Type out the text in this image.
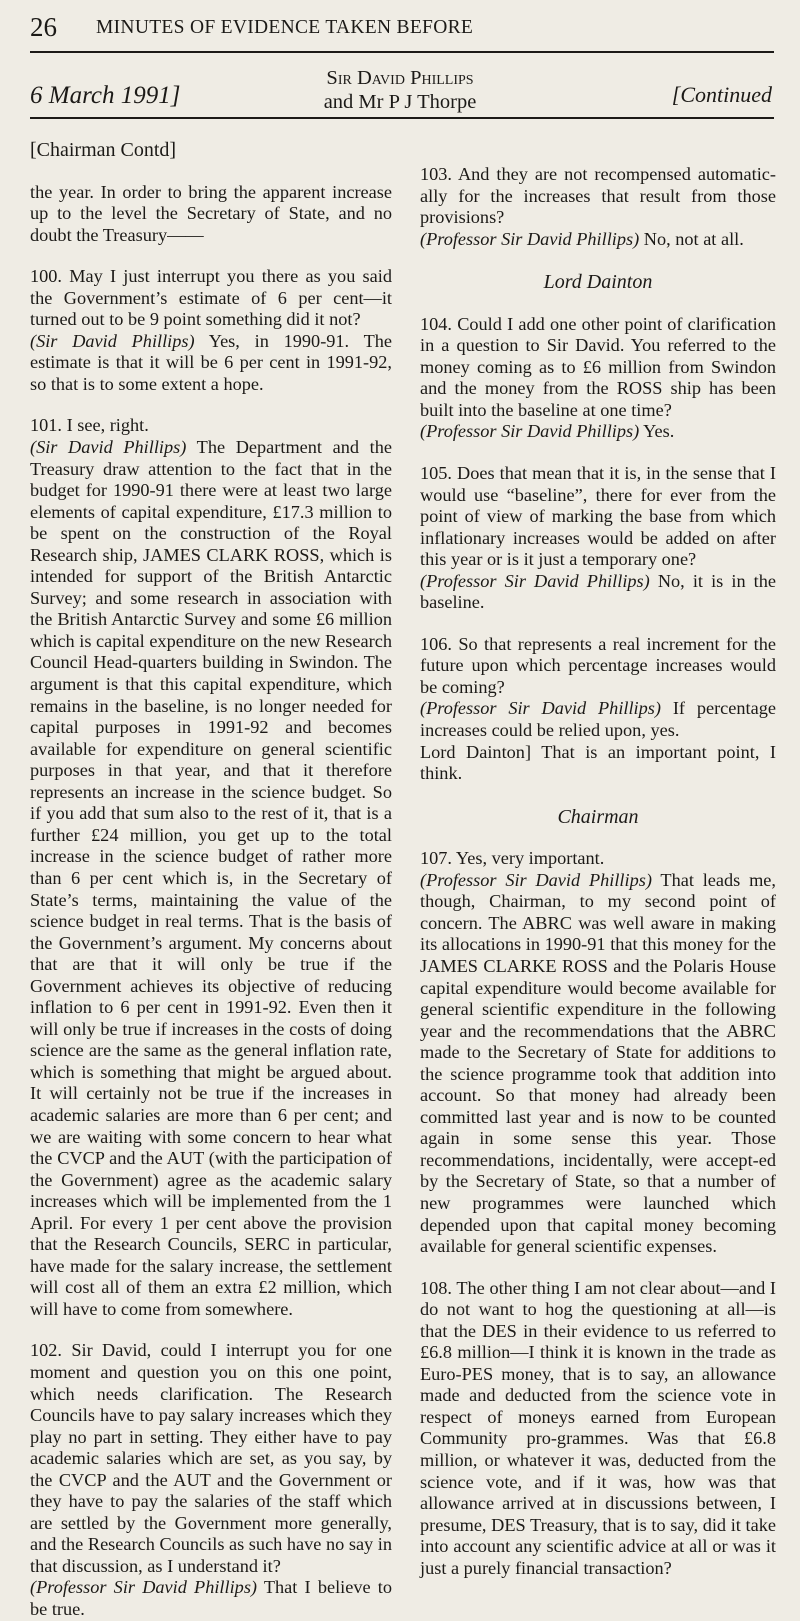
26 MINUTES OF EVIDENCE TAKEN BEFORE
6 March 1991]
Sir David Phillips
and Mr P J Thorpe	[Continued

[Chairman Contd]

the year. In order to bring the apparent increase up to the level the Secretary of State, and no doubt the Treasury——

100. May I just interrupt you there as you said the Government’s estimate of 6 per cent—it turned out to be 9 point something did it not?

(Sir David Phillips) Yes, in 1990-91. The estimate is that it will be 6 per cent in 1991-92, so that is to some extent a hope.

101. I see, right.

(Sir David Phillips) The Department and the Treasury draw attention to the fact that in the budget for 1990-91 there were at least two large elements of capital expenditure, £17.3 million to be spent on the construction of the Royal Research ship, JAMES CLARK ROSS, which is intended for support of the British Antarctic Survey; and some research in association with the British Antarctic Survey and some £6 million which is capital expenditure on the new Research Council Head-quarters building in Swindon. The argument is that this capital expenditure, which remains in the baseline, is no longer needed for capital purposes in 1991-92 and becomes available for expenditure on general scientific purposes in that year, and that it therefore represents an increase in the science budget. So if you add that sum also to the rest of it, that is a further £24 million, you get up to the total increase in the science budget of rather more than 6 per cent which is, in the Secretary of State’s terms, maintaining the value of the science budget in real terms. That is the basis of the Government’s argument. My concerns about that are that it will only be true if the Government achieves its objective of reducing inflation to 6 per cent in 1991-92. Even then it will only be true if increases in the costs of doing science are the same as the general inflation rate, which is something that might be argued about. It will certainly not be true if the increases in academic salaries are more than 6 per cent; and we are waiting with some concern to hear what the CVCP and the AUT (with the participation of the Government) agree as the academic salary increases which will be implemented from the 1 April. For every 1 per cent above the provision that the Research Councils, SERC in particular, have made for the salary increase, the settlement will cost all of them an extra £2 million, which will have to come from somewhere.

102. Sir David, could I interrupt you for one moment and question you on this one point, which needs clarification. The Research Councils have to pay salary increases which they play no part in setting. They either have to pay academic salaries which are set, as you say, by the CVCP and the AUT and the Government or they have to pay the salaries of the staff which are settled by the Government more generally, and the Research Councils as such have no say in that discussion, as I understand it?

(Professor Sir David Phillips) That I believe to be true.

103. And they are not recompensed automatic-ally for the increases that result from those provisions?

(Professor Sir David Phillips) No, not at all.

Lord Dainton

104. Could I add one other point of clarification in a question to Sir David. You referred to the money coming as to £6 million from Swindon and the money from the ROSS ship has been built into the baseline at one time?

(Professor Sir David Phillips) Yes.

105. Does that mean that it is, in the sense that I would use “baseline”, there for ever from the point of view of marking the base from which inflationary increases would be added on after this year or is it just a temporary one?

(Professor Sir David Phillips) No, it is in the baseline.

106. So that represents a real increment for the future upon which percentage increases would be coming?

(Professor Sir David Phillips) If percentage increases could be relied upon, yes.

Lord Dainton] That is an important point, I think.

Chairman

107. Yes, very important.

(Professor Sir David Phillips) That leads me, though, Chairman, to my second point of concern. The ABRC was well aware in making its allocations in 1990-91 that this money for the JAMES CLARKE ROSS and the Polaris House capital expenditure would become available for general scientific expenditure in the following year and the recommendations that the ABRC made to the Secretary of State for additions to the science programme took that addition into account. So that money had already been committed last year and is now to be counted again in some sense this year. Those recommendations, incidentally, were accept-ed by the Secretary of State, so that a number of new programmes were launched which depended upon that capital money becoming available for general scientific expenses.

108. The other thing I am not clear about—and I do not want to hog the questioning at all—is that the DES in their evidence to us referred to £6.8 million—I think it is known in the trade as Euro-PES money, that is to say, an allowance made and deducted from the science vote in respect of moneys earned from European Community pro-grammes. Was that £6.8 million, or whatever it was, deducted from the science vote, and if it was, how was that allowance arrived at in discussions between, I presume, DES Treasury, that is to say, did it take into account any scientific advice at all or was it just a purely financial transaction?
